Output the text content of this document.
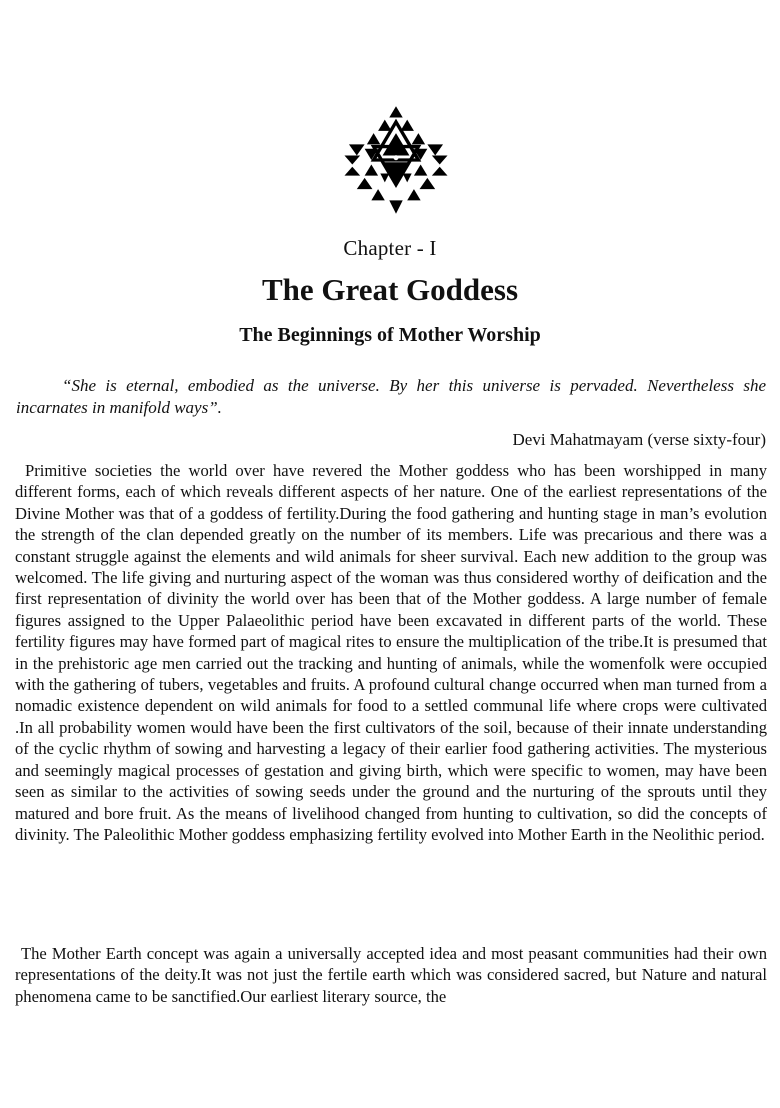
Chapter - I
The Great Goddess
The Beginnings of Mother Worship
“She is eternal, embodied as the universe. By her this universe is pervaded. Nevertheless she incarnates in manifold ways”.
Devi Mahatmayam (verse sixty-four)

Primitive societies the world over have revered the Mother goddess who has been worshipped in many different forms, each of which reveals different aspects of her nature. One of the earliest representations of the Divine Mother was that of a goddess of fertility.During the food gathering and hunting stage in man’s evolution the strength of the clan depended greatly on the number of its members. Life was precarious and there was a constant struggle against the elements and wild animals for sheer survival. Each new addition to the group was welcomed. The life giving and nurturing aspect of the woman was thus considered worthy of deification and the first representation of divinity the world over has been that of the Mother goddess. A large number of female figures assigned to the Upper Palaeolithic period have been excavated in different parts of the world. These fertility figures may have formed part of magical rites to ensure the multiplication of the tribe.It is presumed that in the prehistoric age men carried out the tracking and hunting of animals, while the womenfolk were occupied with the gathering of tubers, vegetables and fruits. A profound cultural change occurred when man turned from a nomadic existence dependent on wild animals for food to a settled communal life where crops were cultivated .In all probability women would have been the first cultivators of the soil, because of their innate understanding of the cyclic rhythm of sowing and harvesting a legacy of their earlier food gathering activities. The mysterious and seemingly magical processes of gestation and giving birth, which were specific to women, may have been seen as similar to the activities of sowing seeds under the ground and the nurturing of the sprouts until they matured and bore fruit. As the means of livelihood changed from hunting to cultivation, so did the concepts of divinity. The Paleolithic Mother goddess emphasizing fertility evolved into Mother Earth in the Neolithic period.

The Mother Earth concept was again a universally accepted idea and most peasant communities had their own representations of the deity.It was not just the fertile earth which was considered sacred, but Nature and natural phenomena came to be sanctified.Our earliest literary source, the
